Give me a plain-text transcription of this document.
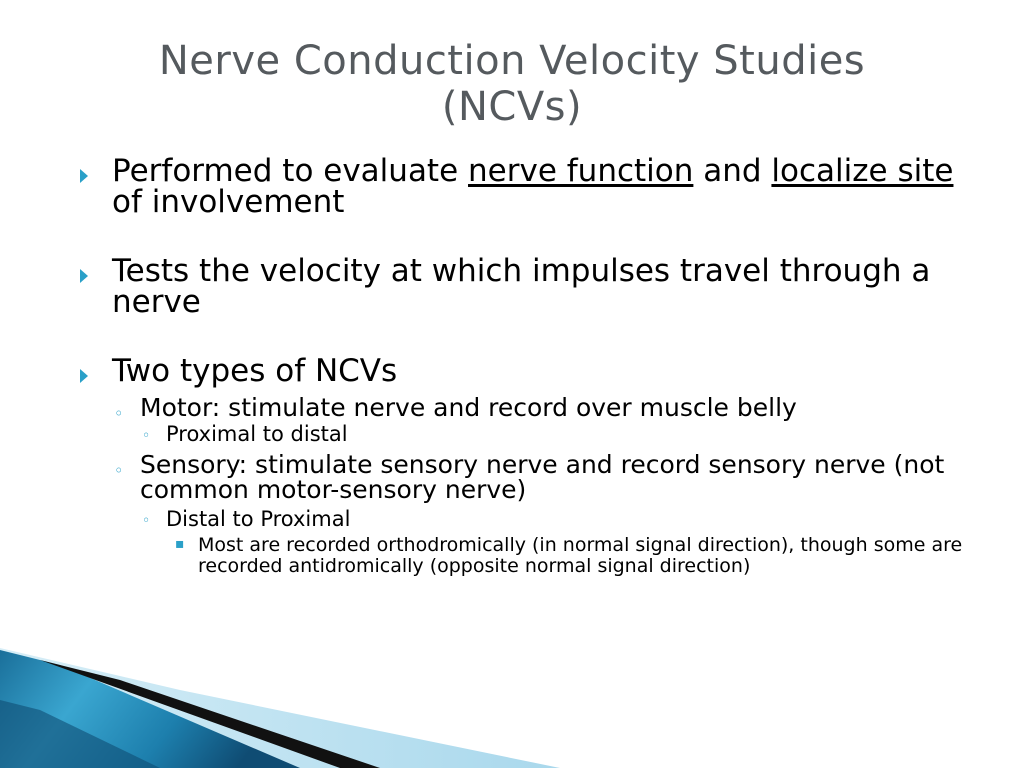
Nerve Conduction Velocity Studies
(NCVs)
Performed to evaluate nerve function and localize site of involvement
Tests the velocity at which impulses travel through a nerve
Two types of NCVs
◦ Motor: stimulate nerve and record over muscle belly
◦ Proximal to distal
◦ Sensory: stimulate sensory nerve and record sensory nerve (not common motor-sensory nerve)
◦ Distal to Proximal
▪ Most are recorded orthodromically (in normal signal direction), though some are recorded antidromically (opposite normal signal direction)
